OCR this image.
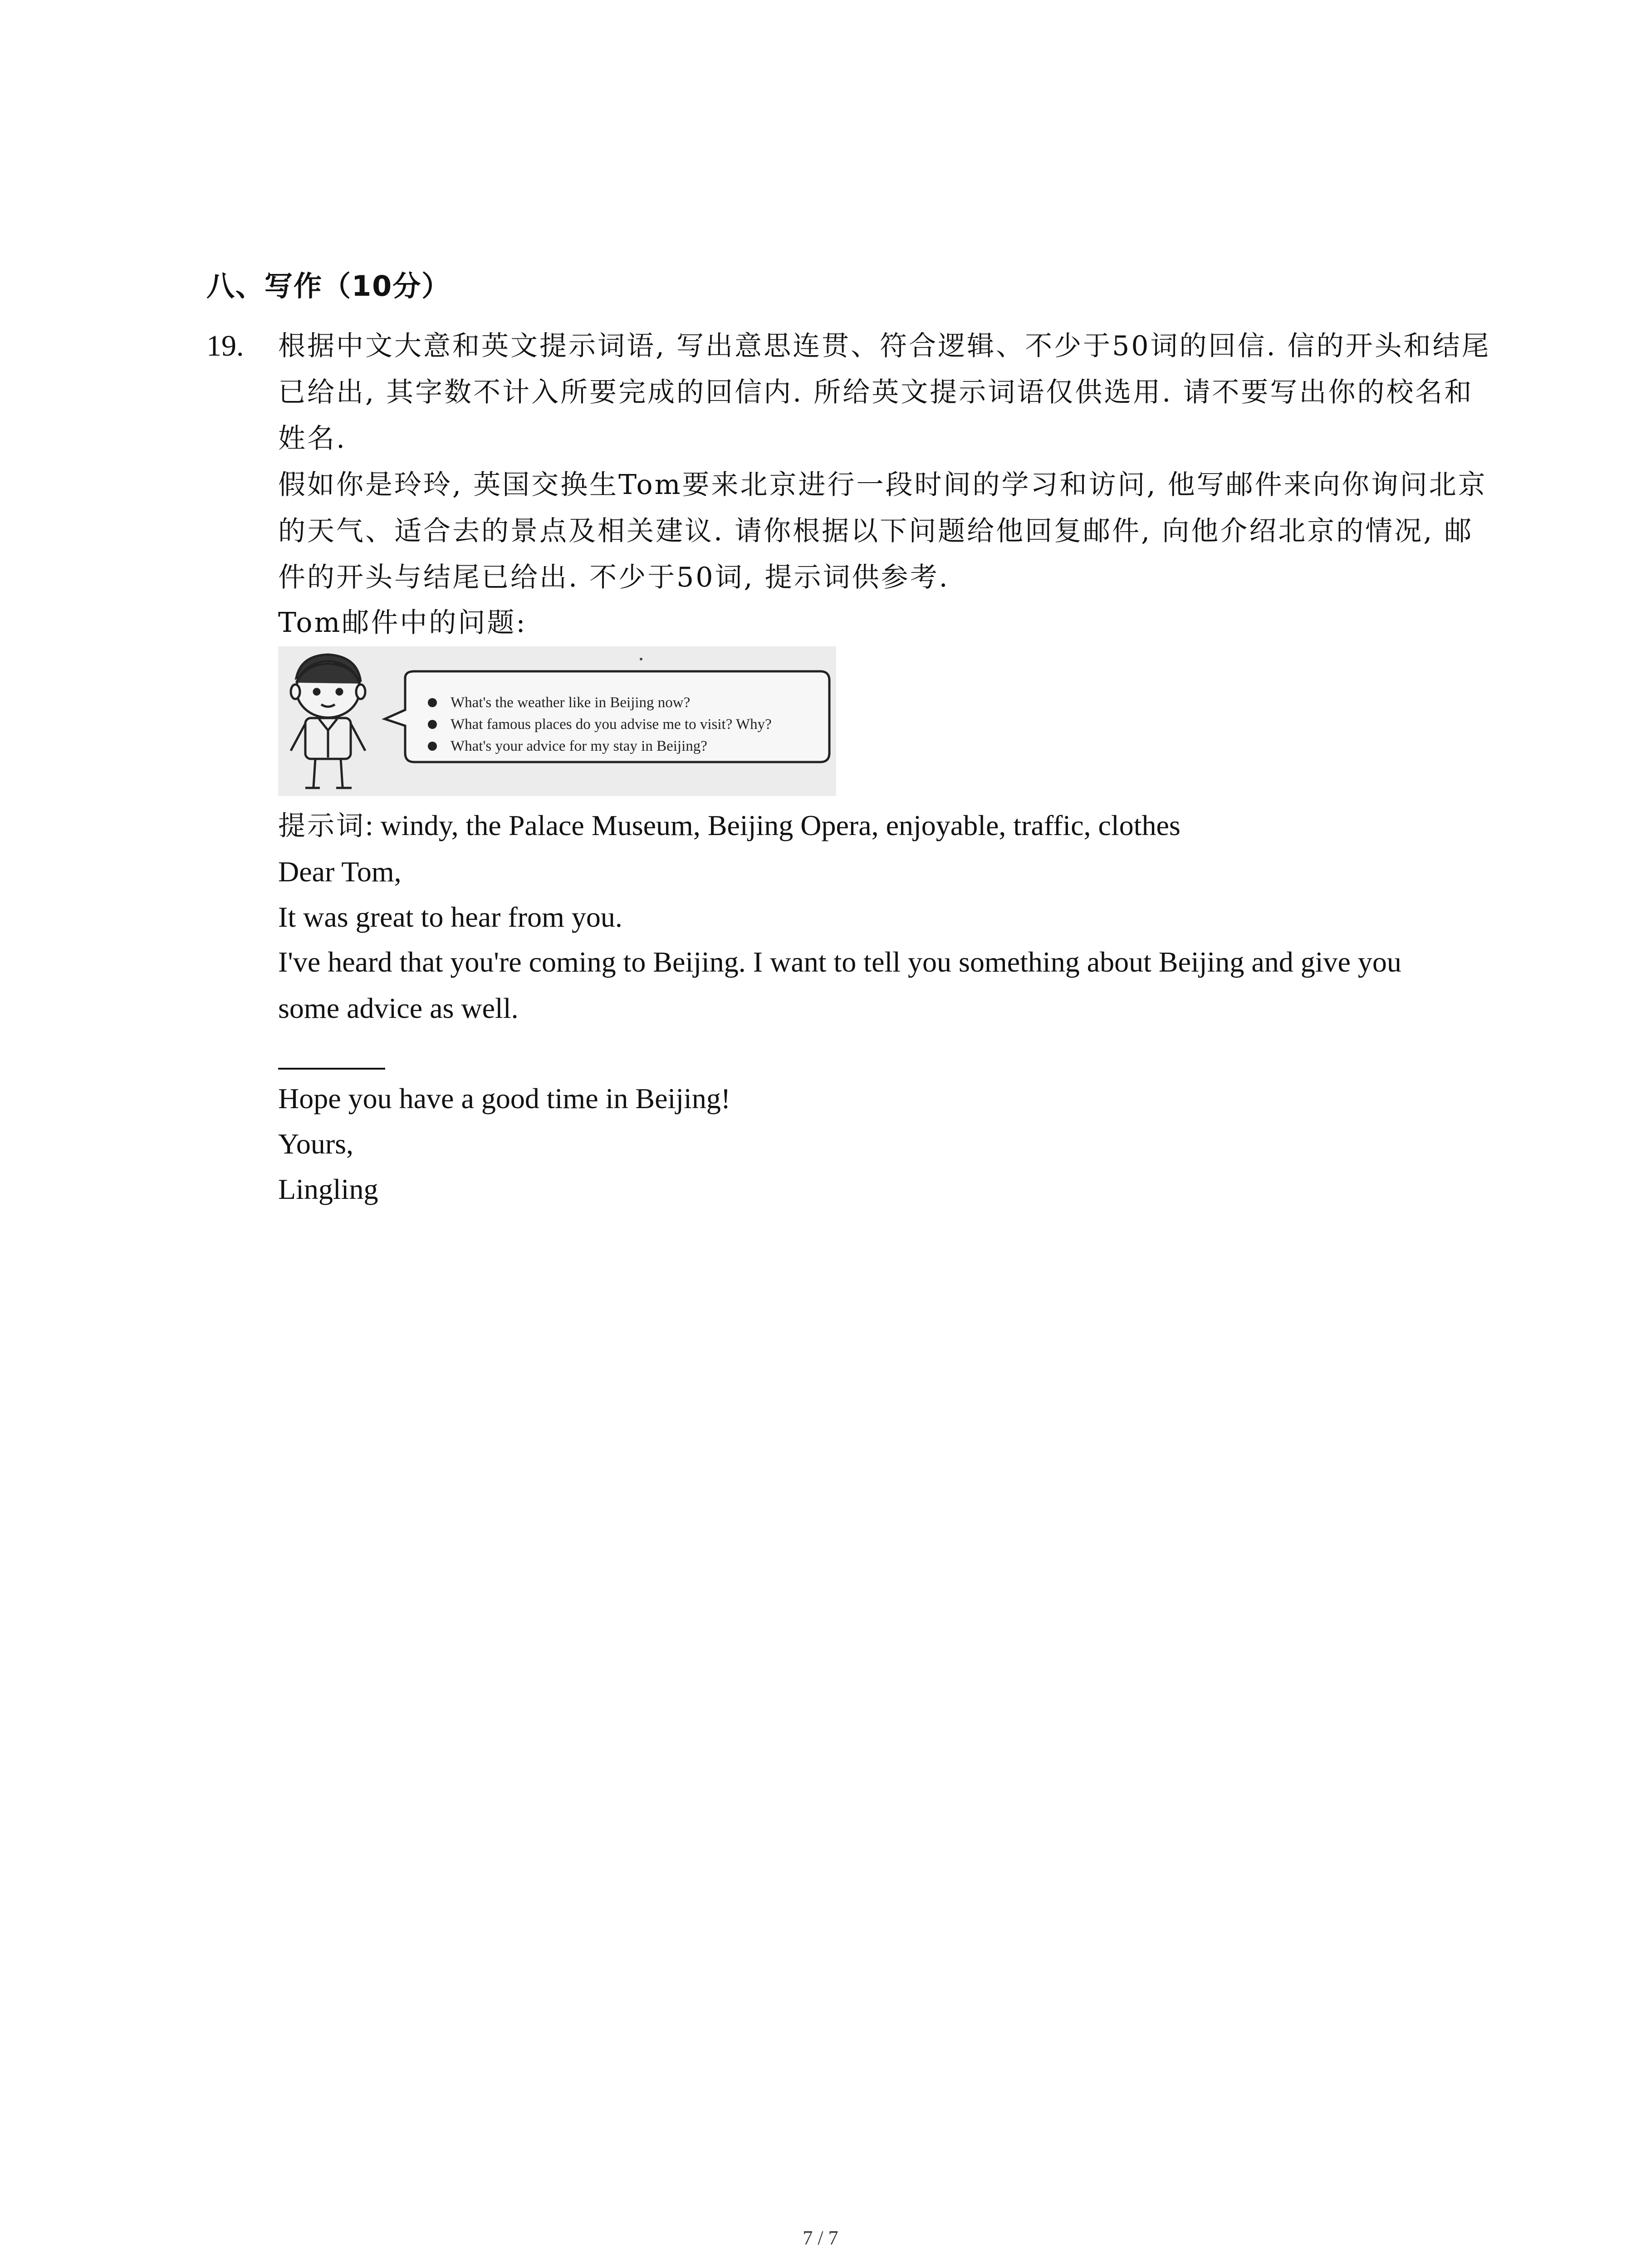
八、写作（10分）
19. 根据中文大意和英文提示词语, 写出意思连贯、符合逻辑、不少于50词的回信. 信的开头和结尾已给出, 其字数不计入所要完成的回信内. 所给英文提示词语仅供选用. 请不要写出你的校名和姓名.
假如你是玲玲, 英国交换生Tom要来北京进行一段时间的学习和访问, 他写邮件来向你询问北京的天气、适合去的景点及相关建议. 请你根据以下问题给他回复邮件, 向他介绍北京的情况, 邮件的开头与结尾已给出. 不少于50词, 提示词供参考.
Tom邮件中的问题:
What's the weather like in Beijing now?
What famous places do you advise me to visit? Why?
What's your advice for my stay in Beijing?
提示词: windy, the Palace Museum, Beijing Opera, enjoyable, traffic, clothes
Dear Tom,
It was great to hear from you.
I've heard that you're coming to Beijing. I want to tell you something about Beijing and give you some advice as well.
Hope you have a good time in Beijing!
Yours,
Lingling
7 / 7
